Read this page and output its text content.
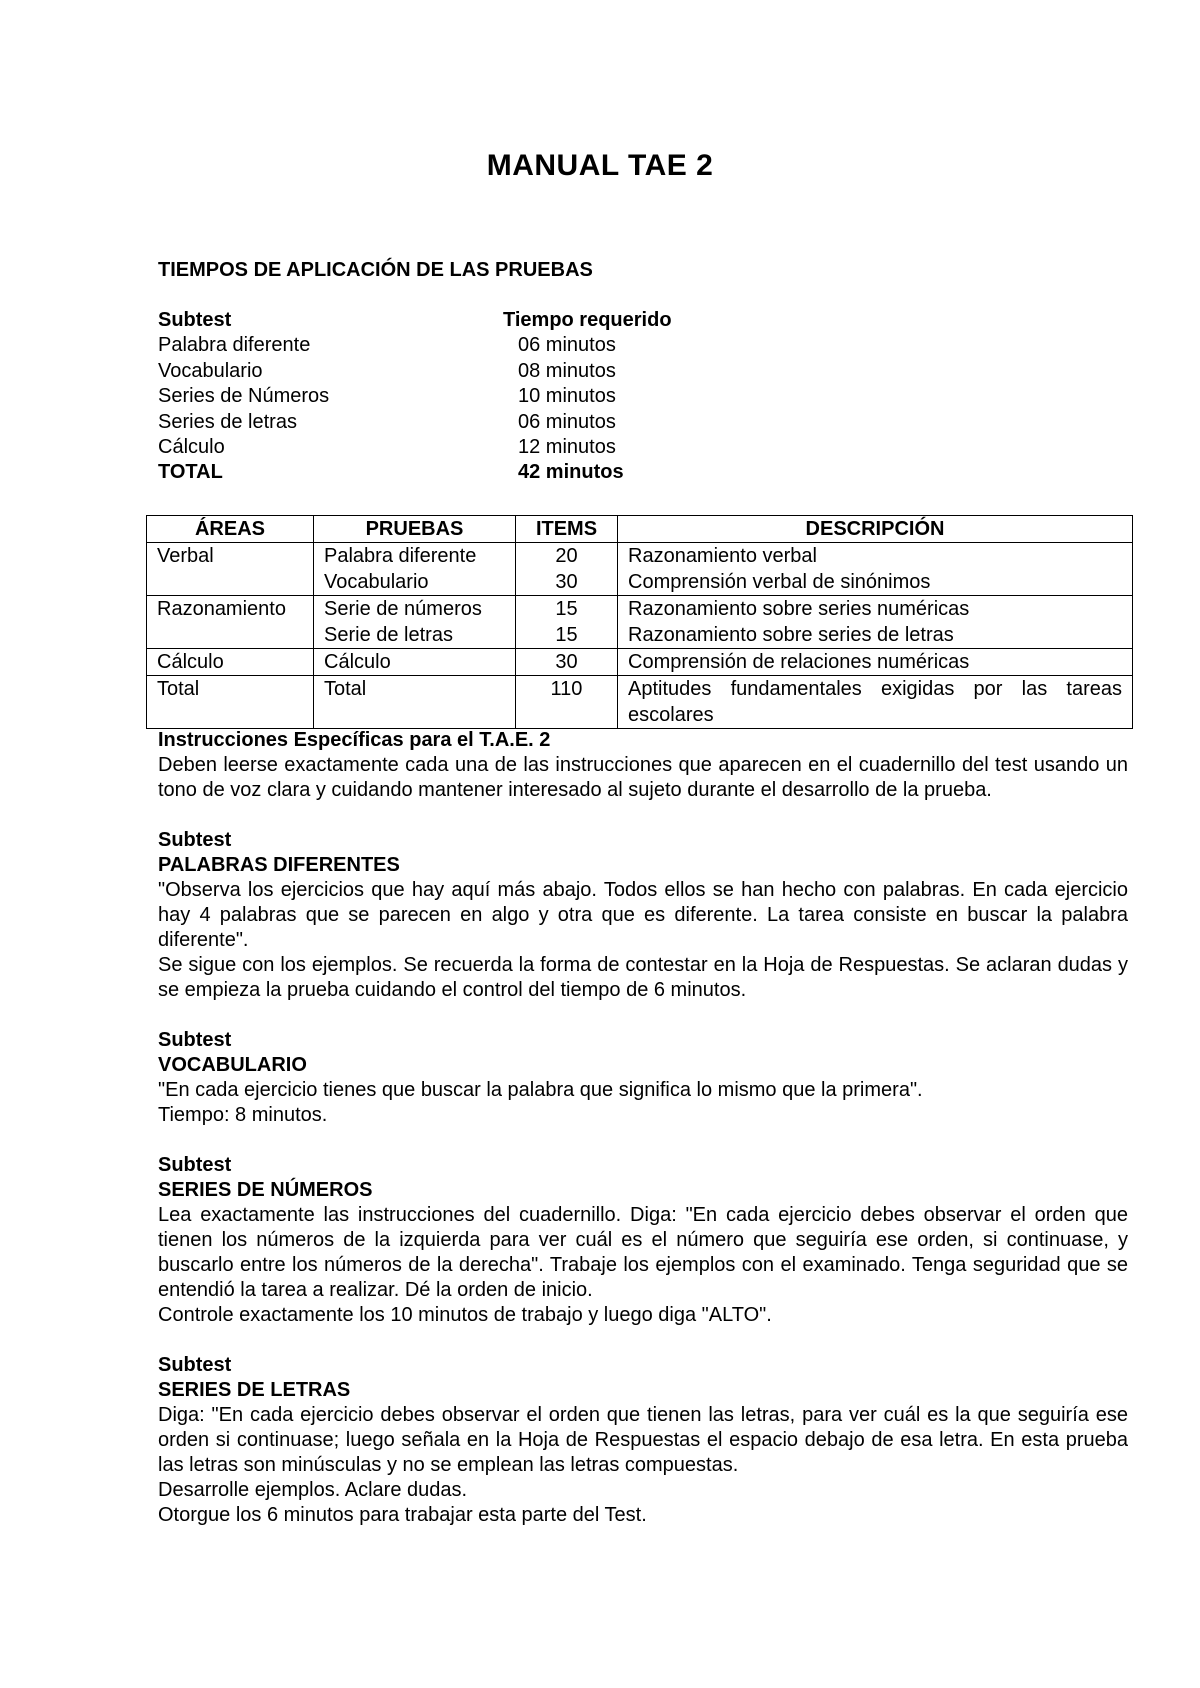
MANUAL TAE 2
TIEMPOS DE APLICACIÓN DE LAS PRUEBAS
Subtest	Tiempo requerido
Palabra diferente	06 minutos
Vocabulario	08 minutos
Series de Números	10 minutos
Series de letras	06 minutos
Cálculo	12 minutos
TOTAL	42 minutos
ÁREAS	PRUEBAS	ITEMS	DESCRIPCIÓN
Verbal	Palabra diferente	20	Razonamiento verbal
	Vocabulario	30	Comprensión verbal de sinónimos
Razonamiento	Serie de números	15	Razonamiento sobre series numéricas
	Serie de letras	15	Razonamiento sobre series de letras
Cálculo	Cálculo	30	Comprensión de relaciones numéricas
Total	Total	110	Aptitudes fundamentales exigidas por las tareas escolares
Instrucciones Específicas para el T.A.E. 2

Deben leerse exactamente cada una de las instrucciones que aparecen en el cuadernillo del test usando un tono de voz clara y cuidando mantener interesado al sujeto durante el desarrollo de la prueba.

Subtest
PALABRAS DIFERENTES

"Observa los ejercicios que hay aquí más abajo. Todos ellos se han hecho con palabras. En cada ejercicio hay 4 palabras que se parecen en algo y otra que es diferente. La tarea consiste en buscar la palabra diferente".

Se sigue con los ejemplos. Se recuerda la forma de contestar en la Hoja de Respuestas. Se aclaran dudas y se empieza la prueba cuidando el control del tiempo de 6 minutos.

Subtest
VOCABULARIO

"En cada ejercicio tienes que buscar la palabra que significa lo mismo que la primera".

Tiempo: 8 minutos.

Subtest
SERIES DE NÚMEROS

Lea exactamente las instrucciones del cuadernillo. Diga: "En cada ejercicio debes observar el orden que tienen los números de la izquierda para ver cuál es el número que seguiría ese orden, si continuase, y buscarlo entre los números de la derecha". Trabaje los ejemplos con el examinado. Tenga seguridad que se entendió la tarea a realizar. Dé la orden de inicio.

Controle exactamente los 10 minutos de trabajo y luego diga "ALTO".

Subtest
SERIES DE LETRAS

Diga: "En cada ejercicio debes observar el orden que tienen las letras, para ver cuál es la que seguiría ese orden si continuase; luego señala en la Hoja de Respuestas el espacio debajo de esa letra. En esta prueba las letras son minúsculas y no se emplean las letras compuestas.

Desarrolle ejemplos. Aclare dudas.

Otorgue los 6 minutos para trabajar esta parte del Test.
